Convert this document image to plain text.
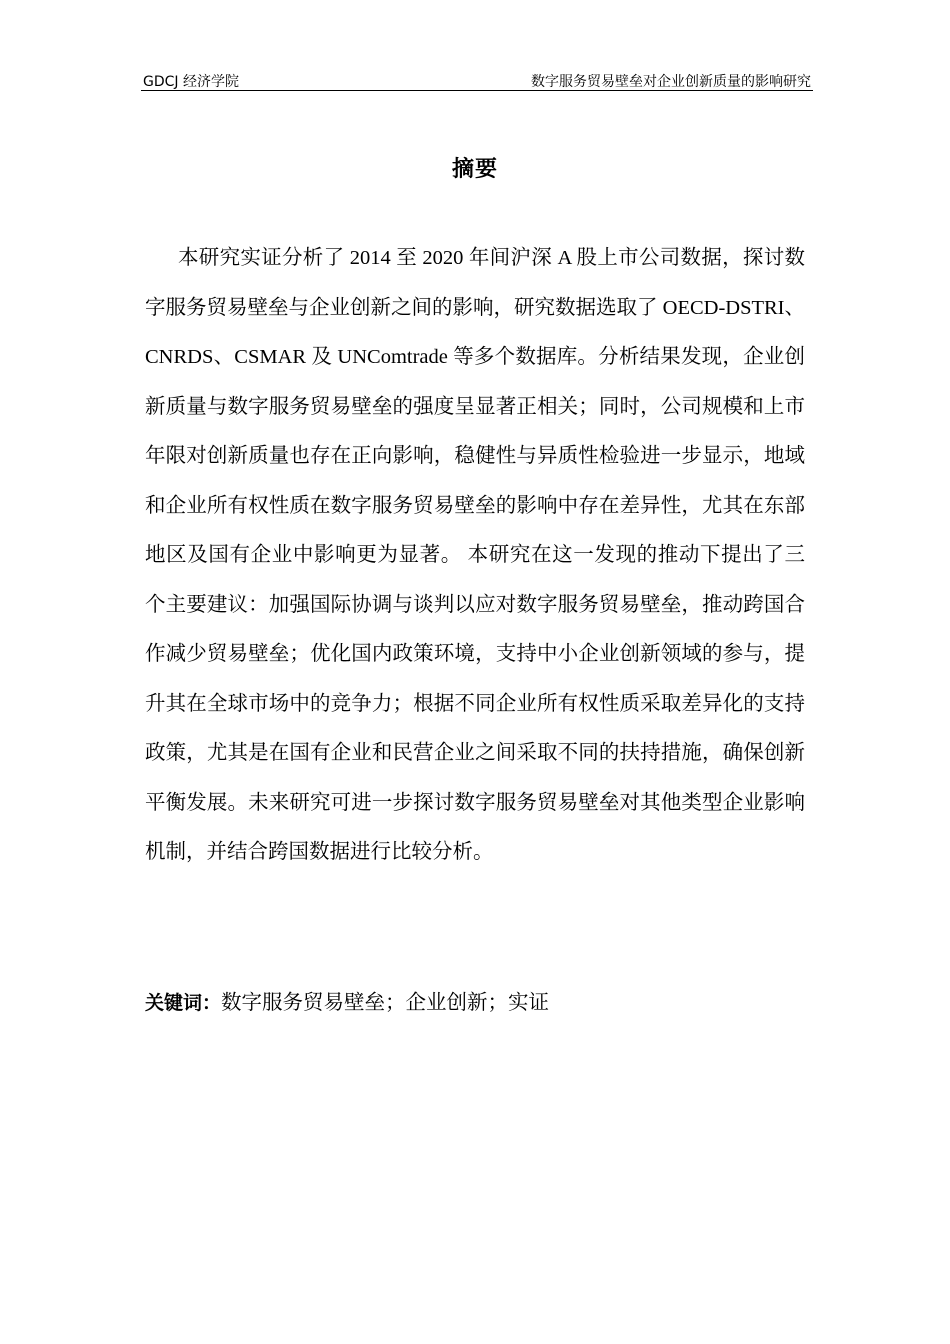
GDCJ 经济学院	数字服务贸易壁垒对企业创新质量的影响研究
摘要

本研究实证分析了 2014 至 2020 年间沪深 A 股上市公司数据，探讨数字服务贸易壁垒与企业创新之间的影响，研究数据选取了 OECD-DSTRI、CNRDS、CSMAR 及 UNComtrade 等多个数据库。分析结果发现，企业创新质量与数字服务贸易壁垒的强度呈显著正相关；同时，公司规模和上市年限对创新质量也存在正向影响，稳健性与异质性检验进一步显示，地域和企业所有权性质在数字服务贸易壁垒的影响中存在差异性，尤其在东部地区及国有企业中影响更为显著。 本研究在这一发现的推动下提出了三个主要建议：加强国际协调与谈判以应对数字服务贸易壁垒，推动跨国合作减少贸易壁垒；优化国内政策环境，支持中小企业创新领域的参与，提升其在全球市场中的竞争力；根据不同企业所有权性质采取差异化的支持政策，尤其是在国有企业和民营企业之间采取不同的扶持措施，确保创新平衡发展。未来研究可进一步探讨数字服务贸易壁垒对其他类型企业影响机制，并结合跨国数据进行比较分析。

关键词：数字服务贸易壁垒；企业创新；实证
